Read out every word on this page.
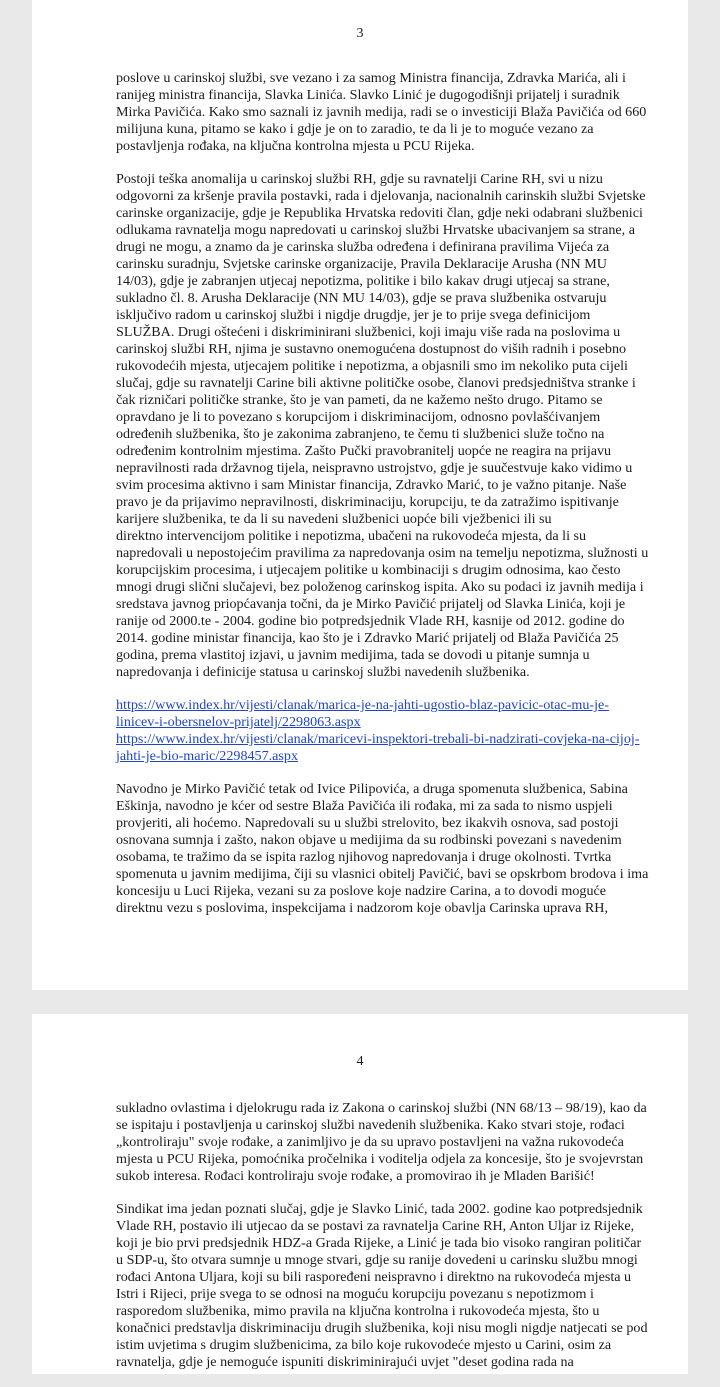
3

poslove u carinskoj službi, sve vezano i za samog Ministra financija, Zdravka Marića, ali i
ranijeg ministra financija, Slavka Linića. Slavko Linić je dugogodišnji prijatelj i suradnik
Mirka Pavičića. Kako smo saznali iz javnih medija, radi se o investiciji Blaža Pavičića od 660
milijuna kuna, pitamo se kako i gdje je on to zaradio, te da li je to moguće vezano za
postavljenja rođaka, na ključna kontrolna mjesta u PCU Rijeka.

Postoji teška anomalija u carinskoj službi RH, gdje su ravnatelji Carine RH, svi u nizu
odgovorni za kršenje pravila postavki, rada i djelovanja, nacionalnih carinskih službi Svjetske
carinske organizacije, gdje je Republika Hrvatska redoviti član, gdje neki odabrani službenici
odlukama ravnatelja mogu napredovati u carinskoj službi Hrvatske ubacivanjem sa strane, a
drugi ne mogu, a znamo da je carinska služba određena i definirana pravilima Vijeća za
carinsku suradnju, Svjetske carinske organizacije, Pravila Deklaracije Arusha (NN MU
14/03), gdje je zabranjen utjecaj nepotizma, politike i bilo kakav drugi utjecaj sa strane,
sukladno čl. 8. Arusha Deklaracije (NN MU 14/03), gdje se prava službenika ostvaruju
isključivo radom u carinskoj službi i nigdje drugdje, jer je to prije svega definicijom
SLUŽBA. Drugi oštećeni i diskriminirani službenici, koji imaju više rada na poslovima u
carinskoj službi RH, njima je sustavno onemogućena dostupnost do viših radnih i posebno
rukovodećih mjesta, utjecajem politike i nepotizma, a objasnili smo im nekoliko puta cijeli
slučaj, gdje su ravnatelji Carine bili aktivne političke osobe, članovi predsjedništva stranke i
čak rizničari političke stranke, što je van pameti, da ne kažemo nešto drugo. Pitamo se
opravdano je li to povezano s korupcijom i diskriminacijom, odnosno povlašćivanjem
određenih službenika, što je zakonima zabranjeno, te čemu ti službenici služe točno na
određenim kontrolnim mjestima. Zašto Pučki pravobranitelj uopće ne reagira na prijavu
nepravilnosti rada državnog tijela, neispravno ustrojstvo, gdje je suučestvuje kako vidimo u
svim procesima aktivno i sam Ministar financija, Zdravko Marić, to je važno pitanje. Naše
pravo je da prijavimo nepravilnosti, diskriminaciju, korupciju, te da zatražimo ispitivanje
karijere službenika, te da li su navedeni službenici uopće bili vježbenici ili su
direktno intervencijom politike i nepotizma, ubačeni na rukovodeća mjesta, da li su
napredovali u nepostojećim pravilima za napredovanja osim na temelju nepotizma, služnosti u
korupcijskim procesima, i utjecajem politike u kombinaciji s drugim odnosima, kao često
mnogi drugi slični slučajevi, bez položenog carinskog ispita. Ako su podaci iz javnih medija i
sredstava javnog priopćavanja točni, da je Mirko Pavičić prijatelj od Slavka Linića, koji je
ranije od 2000.te - 2004. godine bio potpredsjednik Vlade RH, kasnije od 2012. godine do
2014. godine ministar financija, kao što je i Zdravko Marić prijatelj od Blaža Pavičića 25
godina, prema vlastitoj izjavi, u javnim medijima, tada se dovodi u pitanje sumnja u
napredovanja i definicije statusa u carinskoj službi navedenih službenika.

https://www.index.hr/vijesti/clanak/marica-je-na-jahti-ugostio-blaz-pavicic-otac-mu-je-
linicev-i-obersnelov-prijatelj/2298063.aspx
https://www.index.hr/vijesti/clanak/maricevi-inspektori-trebali-bi-nadzirati-covjeka-na-cijoj-
jahti-je-bio-maric/2298457.aspx

Navodno je Mirko Pavičić tetak od Ivice Pilipovića, a druga spomenuta službenica, Sabina
Eškinja, navodno je kćer od sestre Blaža Pavičića ili rođaka, mi za sada to nismo uspjeli
provjeriti, ali hoćemo. Napredovali su u službi strelovito, bez ikakvih osnova, sad postoji
osnovana sumnja i zašto, nakon objave u medijima da su rodbinski povezani s navedenim
osobama, te tražimo da se ispita razlog njihovog napredovanja i druge okolnosti. Tvrtka
spomenuta u javnim medijima, čiji su vlasnici obitelj Pavičić, bavi se opskrbom brodova i ima
koncesiju u Luci Rijeka, vezani su za poslove koje nadzire Carina, a to dovodi moguće
direktnu vezu s poslovima, inspekcijama i nadzorom koje obavlja Carinska uprava RH,

4

sukladno ovlastima i djelokrugu rada iz Zakona o carinskoj službi (NN 68/13 – 98/19), kao da
se ispitaju i postavljenja u carinskoj službi navedenih službenika. Kako stvari stoje, rođaci
„kontroliraju" svoje rođake, a zanimljivo je da su upravo postavljeni na važna rukovodeća
mjesta u PCU Rijeka, pomoćnika pročelnika i voditelja odjela za koncesije, što je svojevrstan
sukob interesa. Rođaci kontroliraju svoje rođake, a promovirao ih je Mladen Barišić!

Sindikat ima jedan poznati slučaj, gdje je Slavko Linić, tada 2002. godine kao potpredsjednik
Vlade RH, postavio ili utjecao da se postavi za ravnatelja Carine RH, Anton Uljar iz Rijeke,
koji je bio prvi predsjednik HDZ-a Grada Rijeke, a Linić je tada bio visoko rangiran političar
u SDP-u, što otvara sumnje u mnoge stvari, gdje su ranije dovedeni u carinsku službu mnogi
rođaci Antona Uljara, koji su bili raspoređeni neispravno i direktno na rukovodeća mjesta u
Istri i Rijeci, prije svega to se odnosi na moguću korupciju povezanu s nepotizmom i
rasporedom službenika, mimo pravila na ključna kontrolna i rukovodeća mjesta, što u
konačnici predstavlja diskriminaciju drugih službenika, koji nisu mogli nigdje natjecati se pod
istim uvjetima s drugim službenicima, za bilo koje rukovodeće mjesto u Carini, osim za
ravnatelja, gdje je nemoguće ispuniti diskriminirajući uvjet "deset godina rada na
